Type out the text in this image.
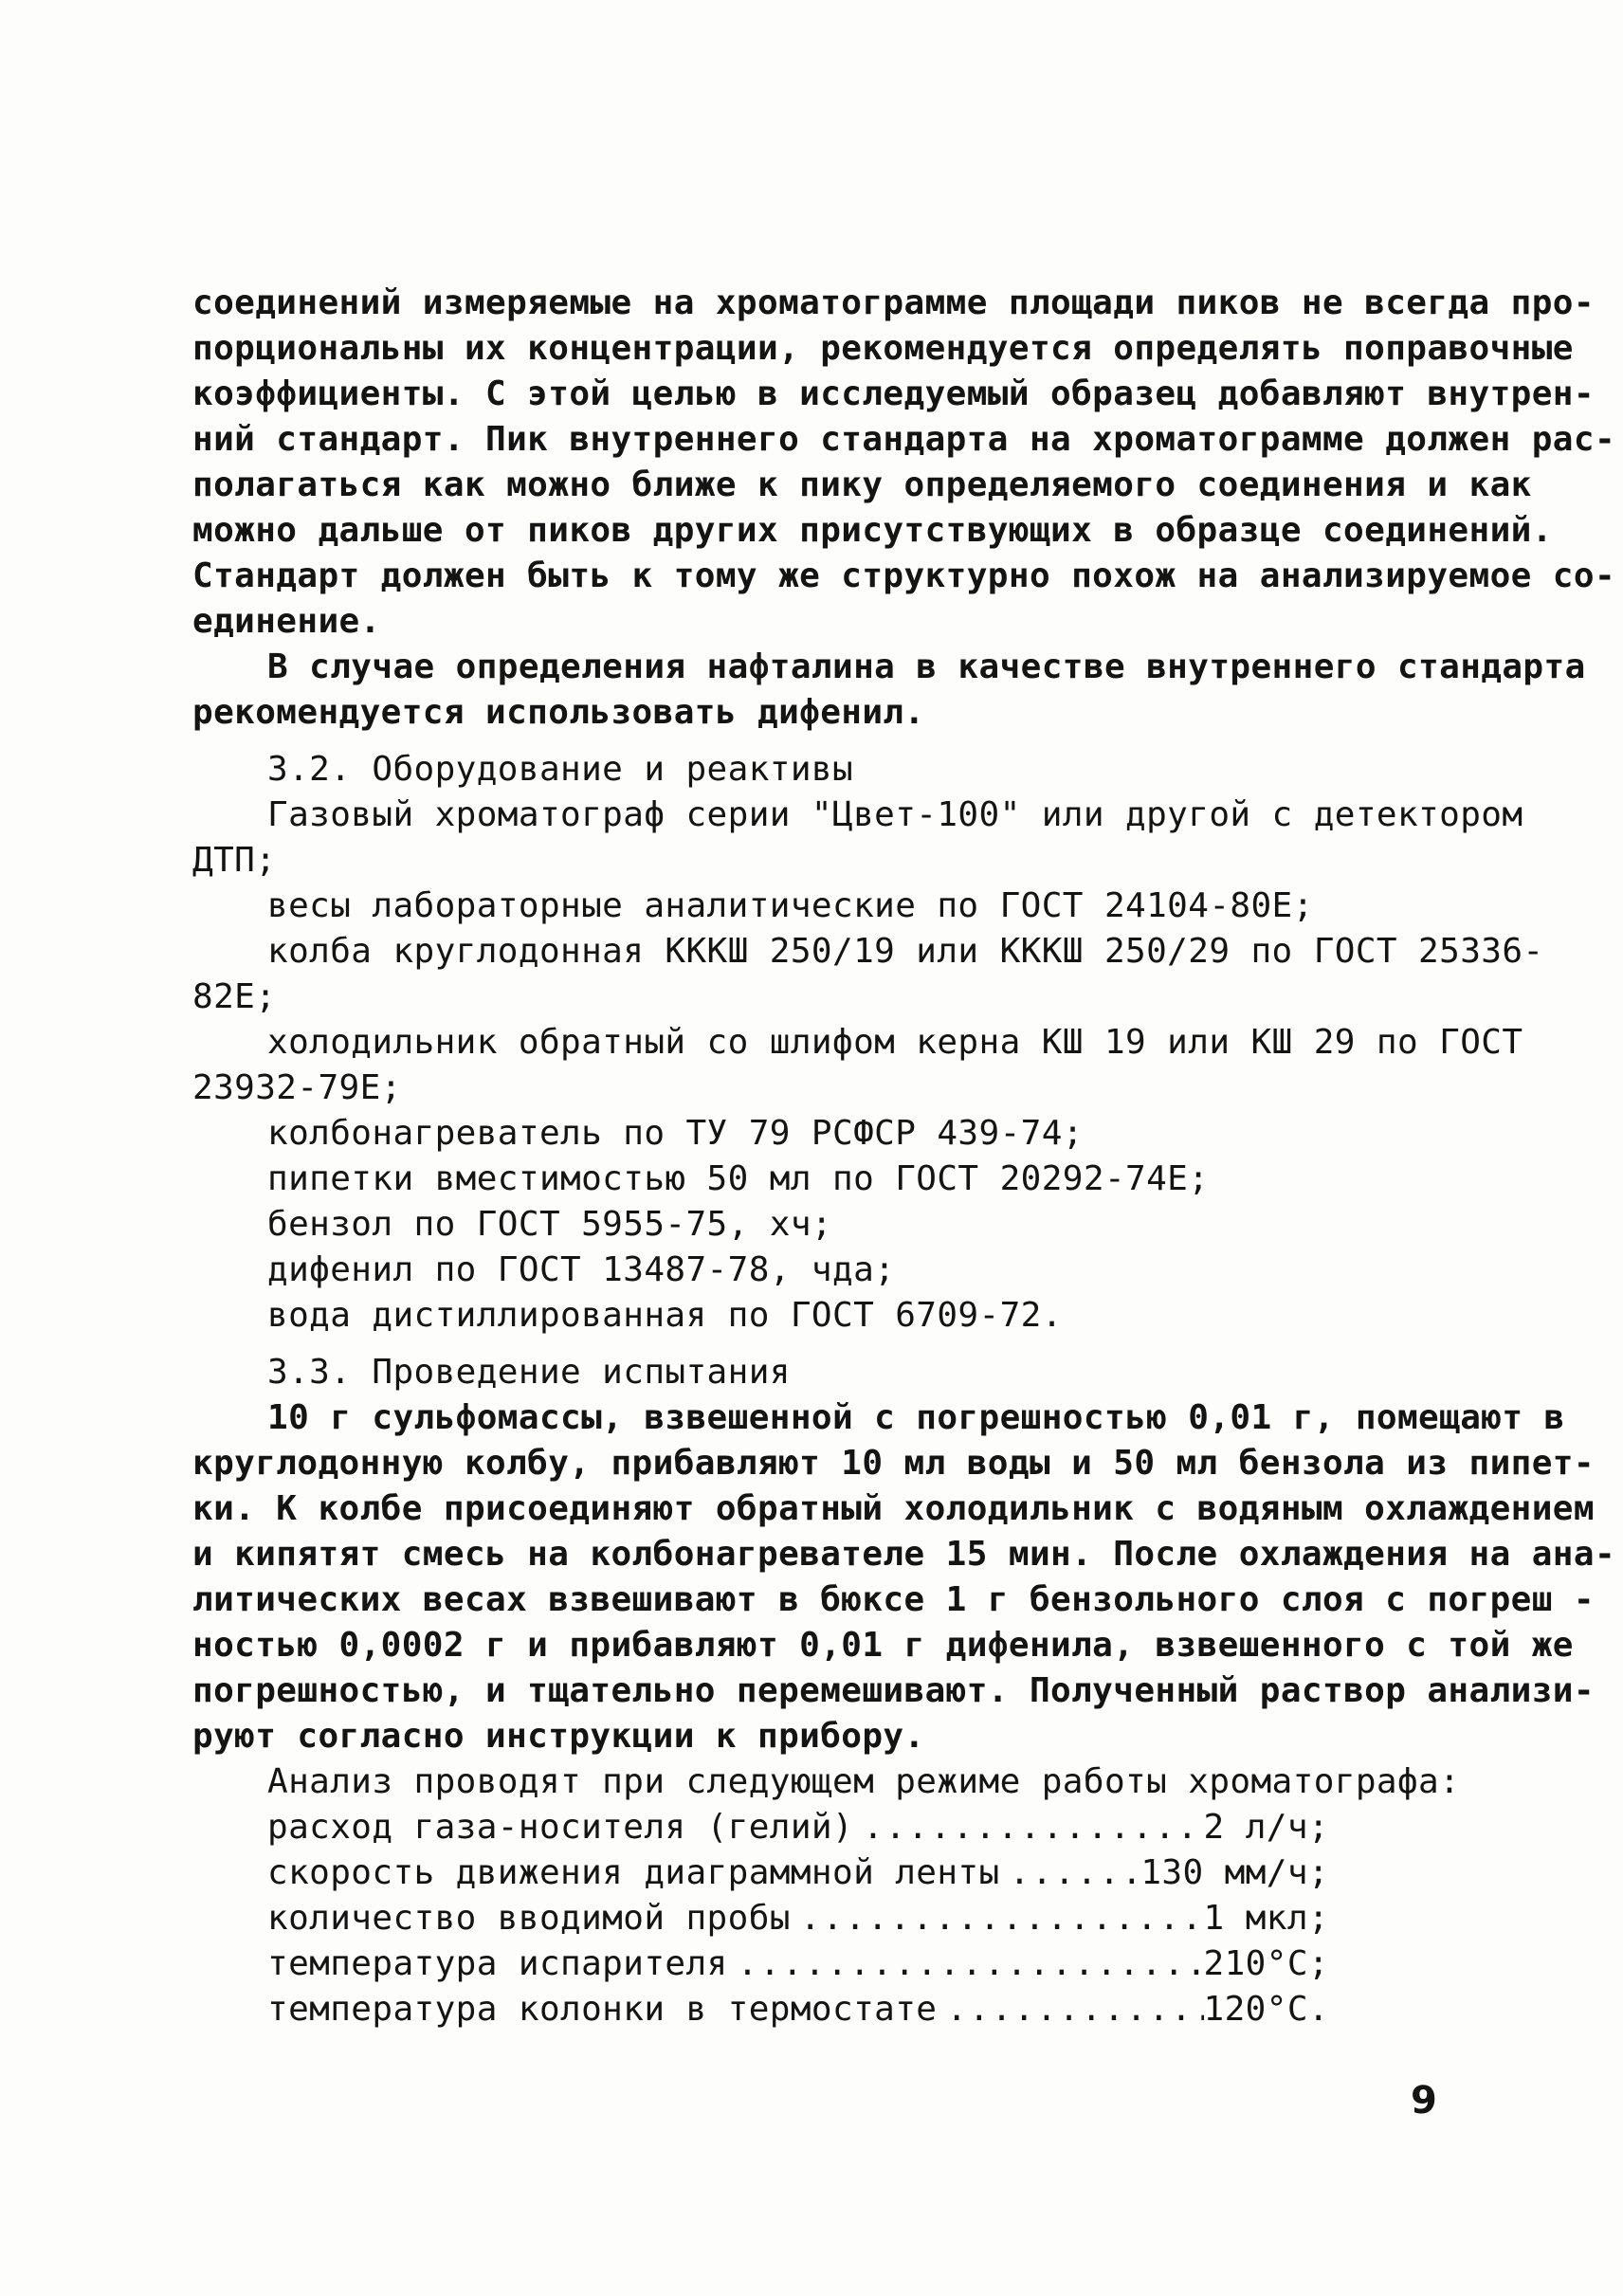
соединений измеряемые на хроматограмме площади пиков не всегда про-
порциональны их концентрации, рекомендуется определять поправочные
коэффициенты. С этой целью в исследуемый образец добавляют внутрен-
ний стандарт. Пик внутреннего стандарта на хроматограмме должен рас-
полагаться как можно ближе к пику определяемого соединения и как
можно дальше от пиков других присутствующих в образце соединений.
Стандарт должен быть к тому же структурно похож на анализируемое со-
единение.
В случае определения нафталина в качестве внутреннего стандарта
рекомендуется использовать дифенил.
3.2. Оборудование и реактивы
Газовый хроматограф серии "Цвет-100" или другой с детектором
ДТП;
весы лабораторные аналитические по ГОСТ 24104-80Е;
колба круглодонная КККШ 250/19 или КККШ 250/29 по ГОСТ 25336-
82Е;
холодильник обратный со шлифом керна КШ 19 или КШ 29 по ГОСТ
23932-79Е;
колбонагреватель по ТУ 79 РСФСР 439-74;
пипетки вместимостью 50 мл по ГОСТ 20292-74Е;
бензол по ГОСТ 5955-75, хч;
дифенил по ГОСТ 13487-78, чда;
вода дистиллированная по ГОСТ 6709-72.
3.3. Проведение испытания
10 г сульфомассы, взвешенной с погрешностью 0,01 г, помещают в
круглодонную колбу, прибавляют 10 мл воды и 50 мл бензола из пипет-
ки. К колбе присоединяют обратный холодильник с водяным охлаждением
и кипятят смесь на колбонагревателе 15 мин. После охлаждения на ана-
литических весах взвешивают в бюксе 1 г бензольного слоя с погреш -
ностью 0,0002 г и прибавляют 0,01 г дифенила, взвешенного с той же
погрешностью, и тщательно перемешивают. Полученный раствор анализи-
руют согласно инструкции к прибору.
Анализ проводят при следующем режиме работы хроматографа:
расход газа-носителя (гелий) .....	2 л/ч;
скорость движения диаграммной ленты .....	130 мм/ч;
количество вводимой пробы .....	1 мкл;
температура испарителя .....	210°C;
температура колонки в термостате .....	120°C.
9
